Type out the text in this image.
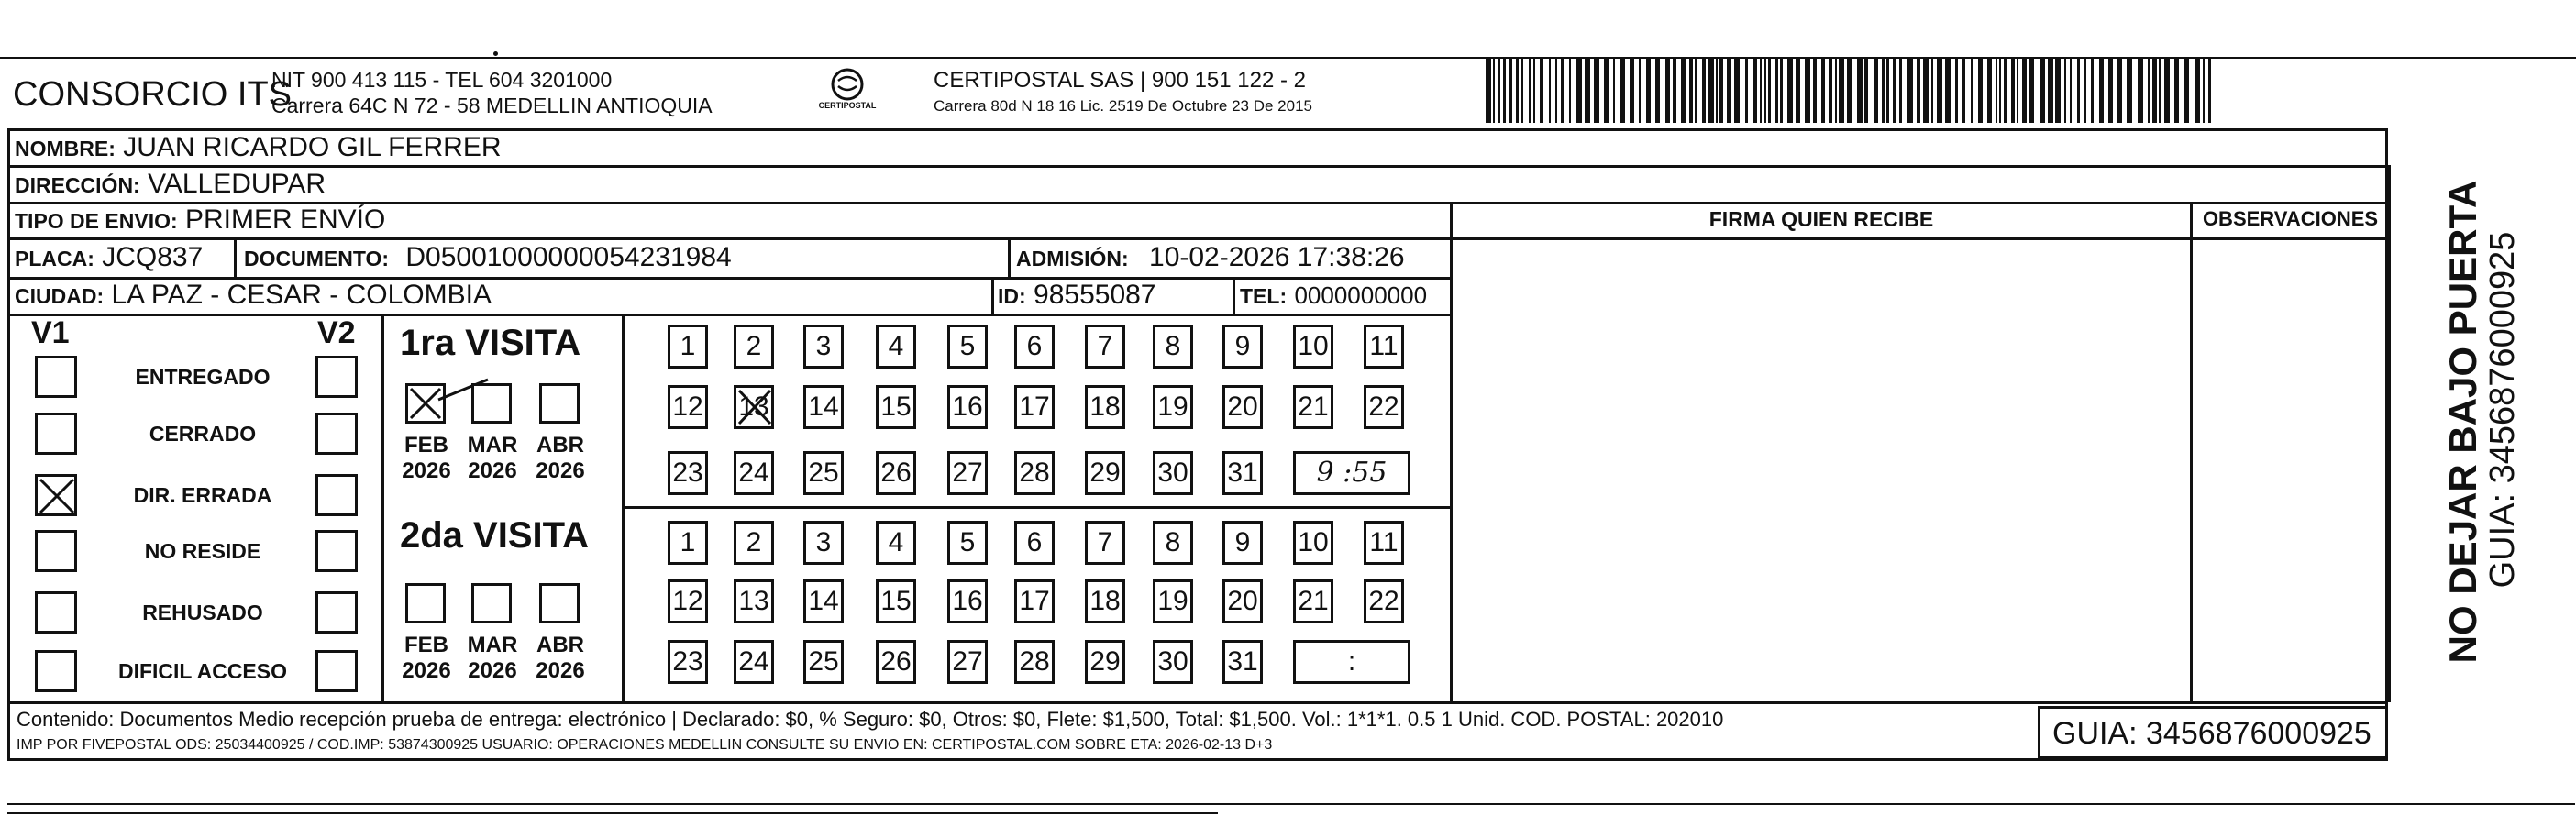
CONSORCIO ITS
NIT 900 413 115 - TEL 604 3201000
Carrera 64C N 72 - 58 MEDELLIN ANTIOQUIA	CERTIPOSTAL
CERTIPOSTAL SAS | 900 151 122 - 2
Carrera 80d N 18 16 Lic. 2519 De Octubre 23 De 2015
NOMBRE: JUAN RICARDO GIL FERRER
DIRECCIÓN: VALLEDUPAR
TIPO DE ENVIO: PRIMER ENVÍO
PLACA: JCQ837 DOCUMENTO: D05001000000054231984	ADMISIÓN: 10-02-2026 17:38:26
CIUDAD: LA PAZ - CESAR - COLOMBIA	ID: 98555087	TEL: 0000000000
FIRMA QUIEN RECIBE	OBSERVACIONES NO DEJAR BAJO PUERTA GUIA: 3456876000925
V1	V2
ENTREGADO
CERRADO
DIR. ERRADA
NO RESIDE
REHUSADO
DIFICIL ACCESO
1ra VISITA
2da VISITA
FEB
2026
MAR
2026
ABR
2026
FEB
2026
MAR
2026
ABR
2026
1	2	3	4	5	6	7	8	9	10 11
12 13 14 15 16 17 18 19 20 21 22
23 24 25 26 27 28 29 30 31	9 :55
1	2	3	4	5	6	7	8	9	10 11
12 13 14 15 16 17 18 19 20 21 22
23 24 25 26 27 28 29 30 31	:
Contenido: Documentos Medio recepción prueba de entrega: electrónico | Declarado: $0, % Seguro: $0, Otros: $0, Flete: $1,500, Total: $1,500. Vol.: 1*1*1. 0.5 1 Unid. COD. POSTAL: 202010
IMP POR FIVEPOSTAL ODS: 25034400925 / COD.IMP: 53874300925 USUARIO: OPERACIONES MEDELLIN CONSULTE SU ENVIO EN: CERTIPOSTAL.COM SOBRE ETA: 2026-02-13 D+3	GUIA: 3456876000925
